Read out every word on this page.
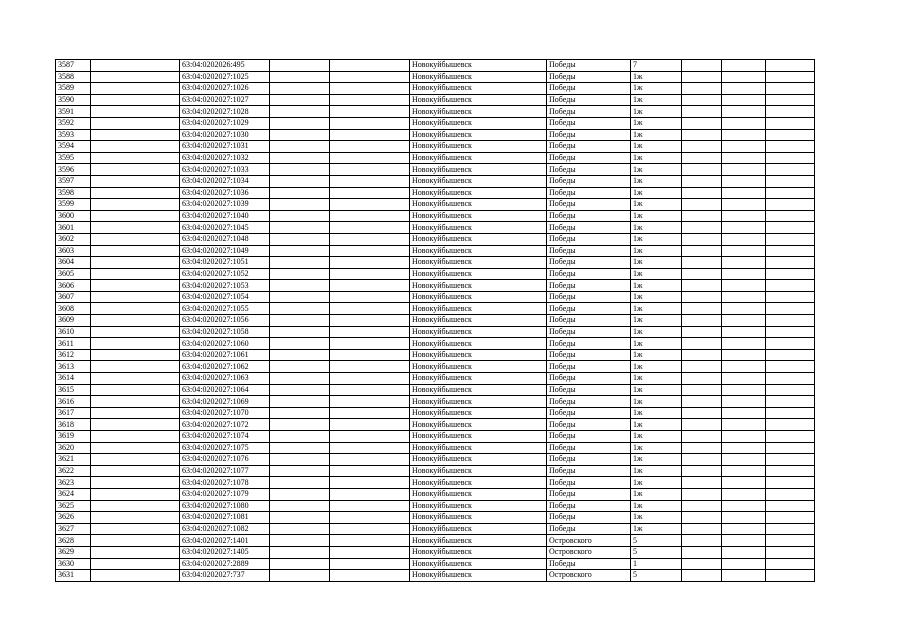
3587		63:04:0202026:495			Новокуйбышевск	Победы	7			
3588		63:04:0202027:1025			Новокуйбышевск	Победы	1ж			
3589		63:04:0202027:1026			Новокуйбышевск	Победы	1ж			
3590		63:04:0202027:1027			Новокуйбышевск	Победы	1ж			
3591		63:04:0202027:1028			Новокуйбышевск	Победы	1ж			
3592		63:04:0202027:1029			Новокуйбышевск	Победы	1ж			
3593		63:04:0202027:1030			Новокуйбышевск	Победы	1ж			
3594		63:04:0202027:1031			Новокуйбышевск	Победы	1ж			
3595		63:04:0202027:1032			Новокуйбышевск	Победы	1ж			
3596		63:04:0202027:1033			Новокуйбышевск	Победы	1ж			
3597		63:04:0202027:1034			Новокуйбышевск	Победы	1ж			
3598		63:04:0202027:1036			Новокуйбышевск	Победы	1ж			
3599		63:04:0202027:1039			Новокуйбышевск	Победы	1ж			
3600		63:04:0202027:1040			Новокуйбышевск	Победы	1ж			
3601		63:04:0202027:1045			Новокуйбышевск	Победы	1ж			
3602		63:04:0202027:1048			Новокуйбышевск	Победы	1ж			
3603		63:04:0202027:1049			Новокуйбышевск	Победы	1ж			
3604		63:04:0202027:1051			Новокуйбышевск	Победы	1ж			
3605		63:04:0202027:1052			Новокуйбышевск	Победы	1ж			
3606		63:04:0202027:1053			Новокуйбышевск	Победы	1ж			
3607		63:04:0202027:1054			Новокуйбышевск	Победы	1ж			
3608		63:04:0202027:1055			Новокуйбышевск	Победы	1ж			
3609		63:04:0202027:1056			Новокуйбышевск	Победы	1ж			
3610		63:04:0202027:1058			Новокуйбышевск	Победы	1ж			
3611		63:04:0202027:1060			Новокуйбышевск	Победы	1ж			
3612		63:04:0202027:1061			Новокуйбышевск	Победы	1ж			
3613		63:04:0202027:1062			Новокуйбышевск	Победы	1ж			
3614		63:04:0202027:1063			Новокуйбышевск	Победы	1ж			
3615		63:04:0202027:1064			Новокуйбышевск	Победы	1ж			
3616		63:04:0202027:1069			Новокуйбышевск	Победы	1ж			
3617		63:04:0202027:1070			Новокуйбышевск	Победы	1ж			
3618		63:04:0202027:1072			Новокуйбышевск	Победы	1ж			
3619		63:04:0202027:1074			Новокуйбышевск	Победы	1ж			
3620		63:04:0202027:1075			Новокуйбышевск	Победы	1ж			
3621		63:04:0202027:1076			Новокуйбышевск	Победы	1ж			
3622		63:04:0202027:1077			Новокуйбышевск	Победы	1ж			
3623		63:04:0202027:1078			Новокуйбышевск	Победы	1ж			
3624		63:04:0202027:1079			Новокуйбышевск	Победы	1ж			
3625		63:04:0202027:1080			Новокуйбышевск	Победы	1ж			
3626		63:04:0202027:1081			Новокуйбышевск	Победы	1ж			
3627		63:04:0202027:1082			Новокуйбышевск	Победы	1ж			
3628		63:04:0202027:1401			Новокуйбышевск	Островского	5			
3629		63:04:0202027:1405			Новокуйбышевск	Островского	5			
3630		63:04:0202027:2889			Новокуйбышевск	Победы	1			
3631		63:04:0202027:737			Новокуйбышевск	Островского	5			
